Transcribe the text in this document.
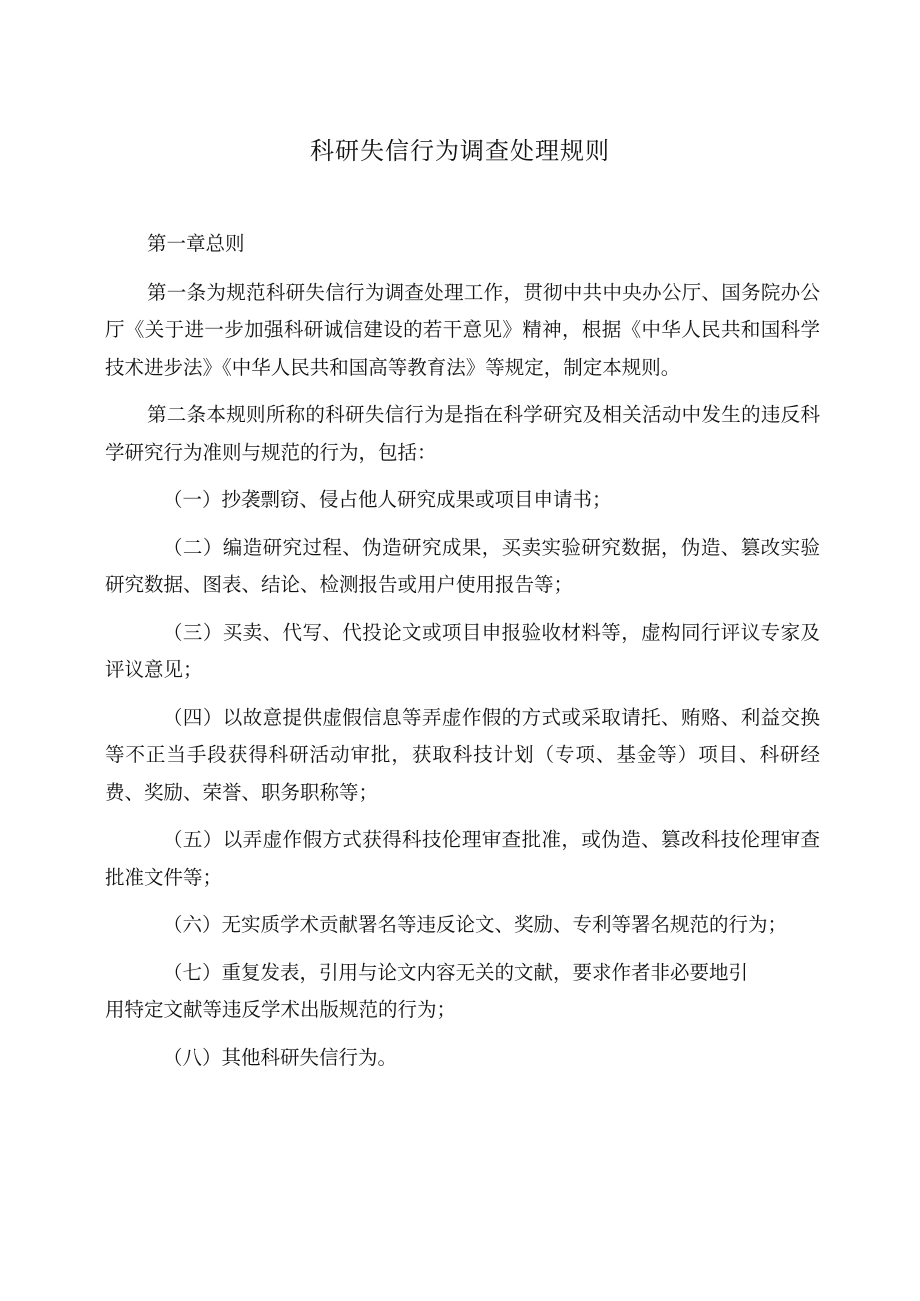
科研失信行为调查处理规则

第一章总则

第一条为规范科研失信行为调查处理工作，贯彻中共中央办公厅、国务院办公厅《关于进一步加强科研诚信建设的若干意见》精神，根据《中华人民共和国科学技术进步法》《中华人民共和国高等教育法》等规定，制定本规则。

第二条本规则所称的科研失信行为是指在科学研究及相关活动中发生的违反科学研究行为准则与规范的行为，包括：

（一）抄袭剽窃、侵占他人研究成果或项目申请书；

（二）编造研究过程、伪造研究成果，买卖实验研究数据，伪造、篡改实验研究数据、图表、结论、检测报告或用户使用报告等；

（三）买卖、代写、代投论文或项目申报验收材料等，虚构同行评议专家及评议意见；

（四）以故意提供虚假信息等弄虚作假的方式或采取请托、贿赂、利益交换等不正当手段获得科研活动审批，获取科技计划（专项、基金等）项目、科研经费、奖励、荣誉、职务职称等；

（五）以弄虚作假方式获得科技伦理审查批准，或伪造、篡改科技伦理审查批准文件等；

（六）无实质学术贡献署名等违反论文、奖励、专利等署名规范的行为；

（七）重复发表，引用与论文内容无关的文献，要求作者非必要地引

用特定文献等违反学术出版规范的行为；

（八）其他科研失信行为。
